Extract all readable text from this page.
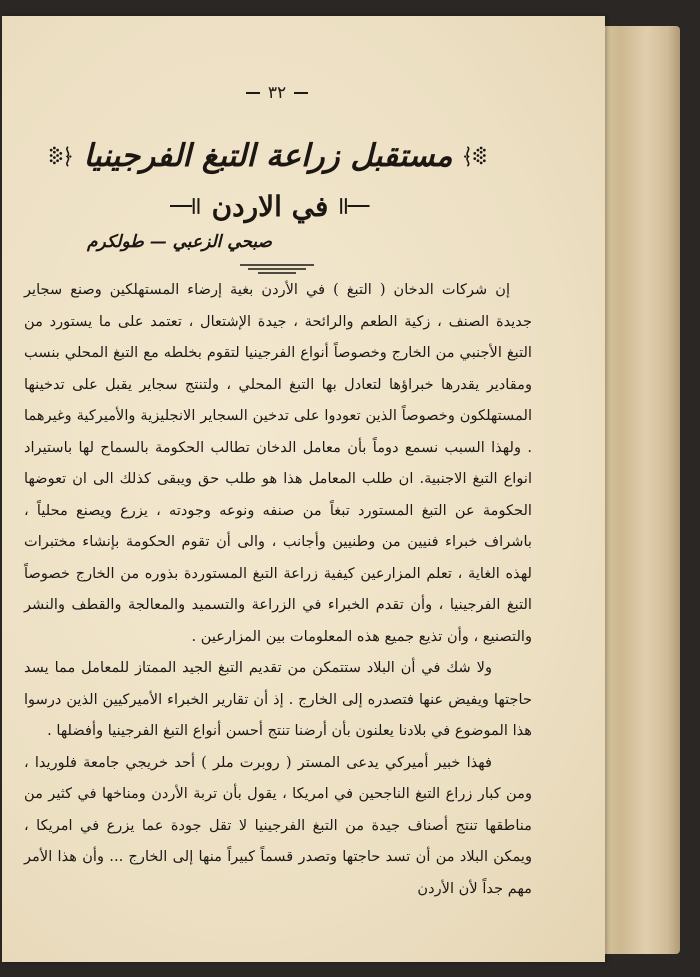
٣٢
مستقبل زراعة التبغ الفرجينيا
في الاردن
صبحي الزعبي — طولكرم

إن شركات الدخان ( التبغ ) في الأردن بغية إرضاء المستهلكين وصنع سجاير جديدة الصنف ، زكية الطعم والرائحة ، جيدة الإشتعال ، تعتمد على ما يستورد من التبغ الأجنبي من الخارج وخصوصاً أنواع الفرجينيا لتقوم بخلطه مع التبغ المحلي بنسب ومقادير يقدرها خبراؤها لتعادل بها التبغ المحلي ، ولتنتج سجاير يقبل على تدخينها المستهلكون وخصوصاً الذين تعودوا على تدخين السجاير الانجليزية والأميركية وغيرهما . ولهذا السبب نسمع دوماً بأن معامل الدخان تطالب الحكومة بالسماح لها باستيراد انواع التبغ الاجنبية. ان طلب المعامل هذا هو طلب حق ويبقى كذلك الى ان تعوضها الحكومة عن التبغ المستورد تبغاً من صنفه ونوعه وجودته ، يزرع ويصنع محلياً ، باشراف خبراء فنيين من وطنيين وأجانب ، والى أن تقوم الحكومة بإنشاء مختبرات لهذه الغاية ، تعلم المزارعين كيفية زراعة التبغ المستوردة بذوره من الخارج خصوصاً التبغ الفرجينيا ، وأن تقدم الخبراء في الزراعة والتسميد والمعالجة والقطف والنشر والتصنيع ، وأن تذيع جميع هذه المعلومات بين المزارعين .

ولا شك في أن البلاد ستتمكن من تقديم التبغ الجيد الممتاز للمعامل مما يسد حاجتها ويفيض عنها فتصدره إلى الخارج . إذ أن تقارير الخبراء الأميركيين الذين درسوا هذا الموضوع في بلادنا يعلنون بأن أرضنا تنتج أحسن أنواع التبغ الفرجينيا وأفضلها .

فهذا خبير أميركي يدعى المستر ( روبرت ملر ) أحد خريجي جامعة فلوريدا ، ومن كبار زراع التبغ الناجحين في امريكا ، يقول بأن تربة الأردن ومناخها في كثير من مناطقها تنتج أصناف جيدة من التبغ الفرجينيا لا تقل جودة عما يزرع في امريكا ، ويمكن البلاد من أن تسد حاجتها وتصدر قسماً كبيراً منها إلى الخارج ... وأن هذا الأمر مهم جداً لأن الأردن
